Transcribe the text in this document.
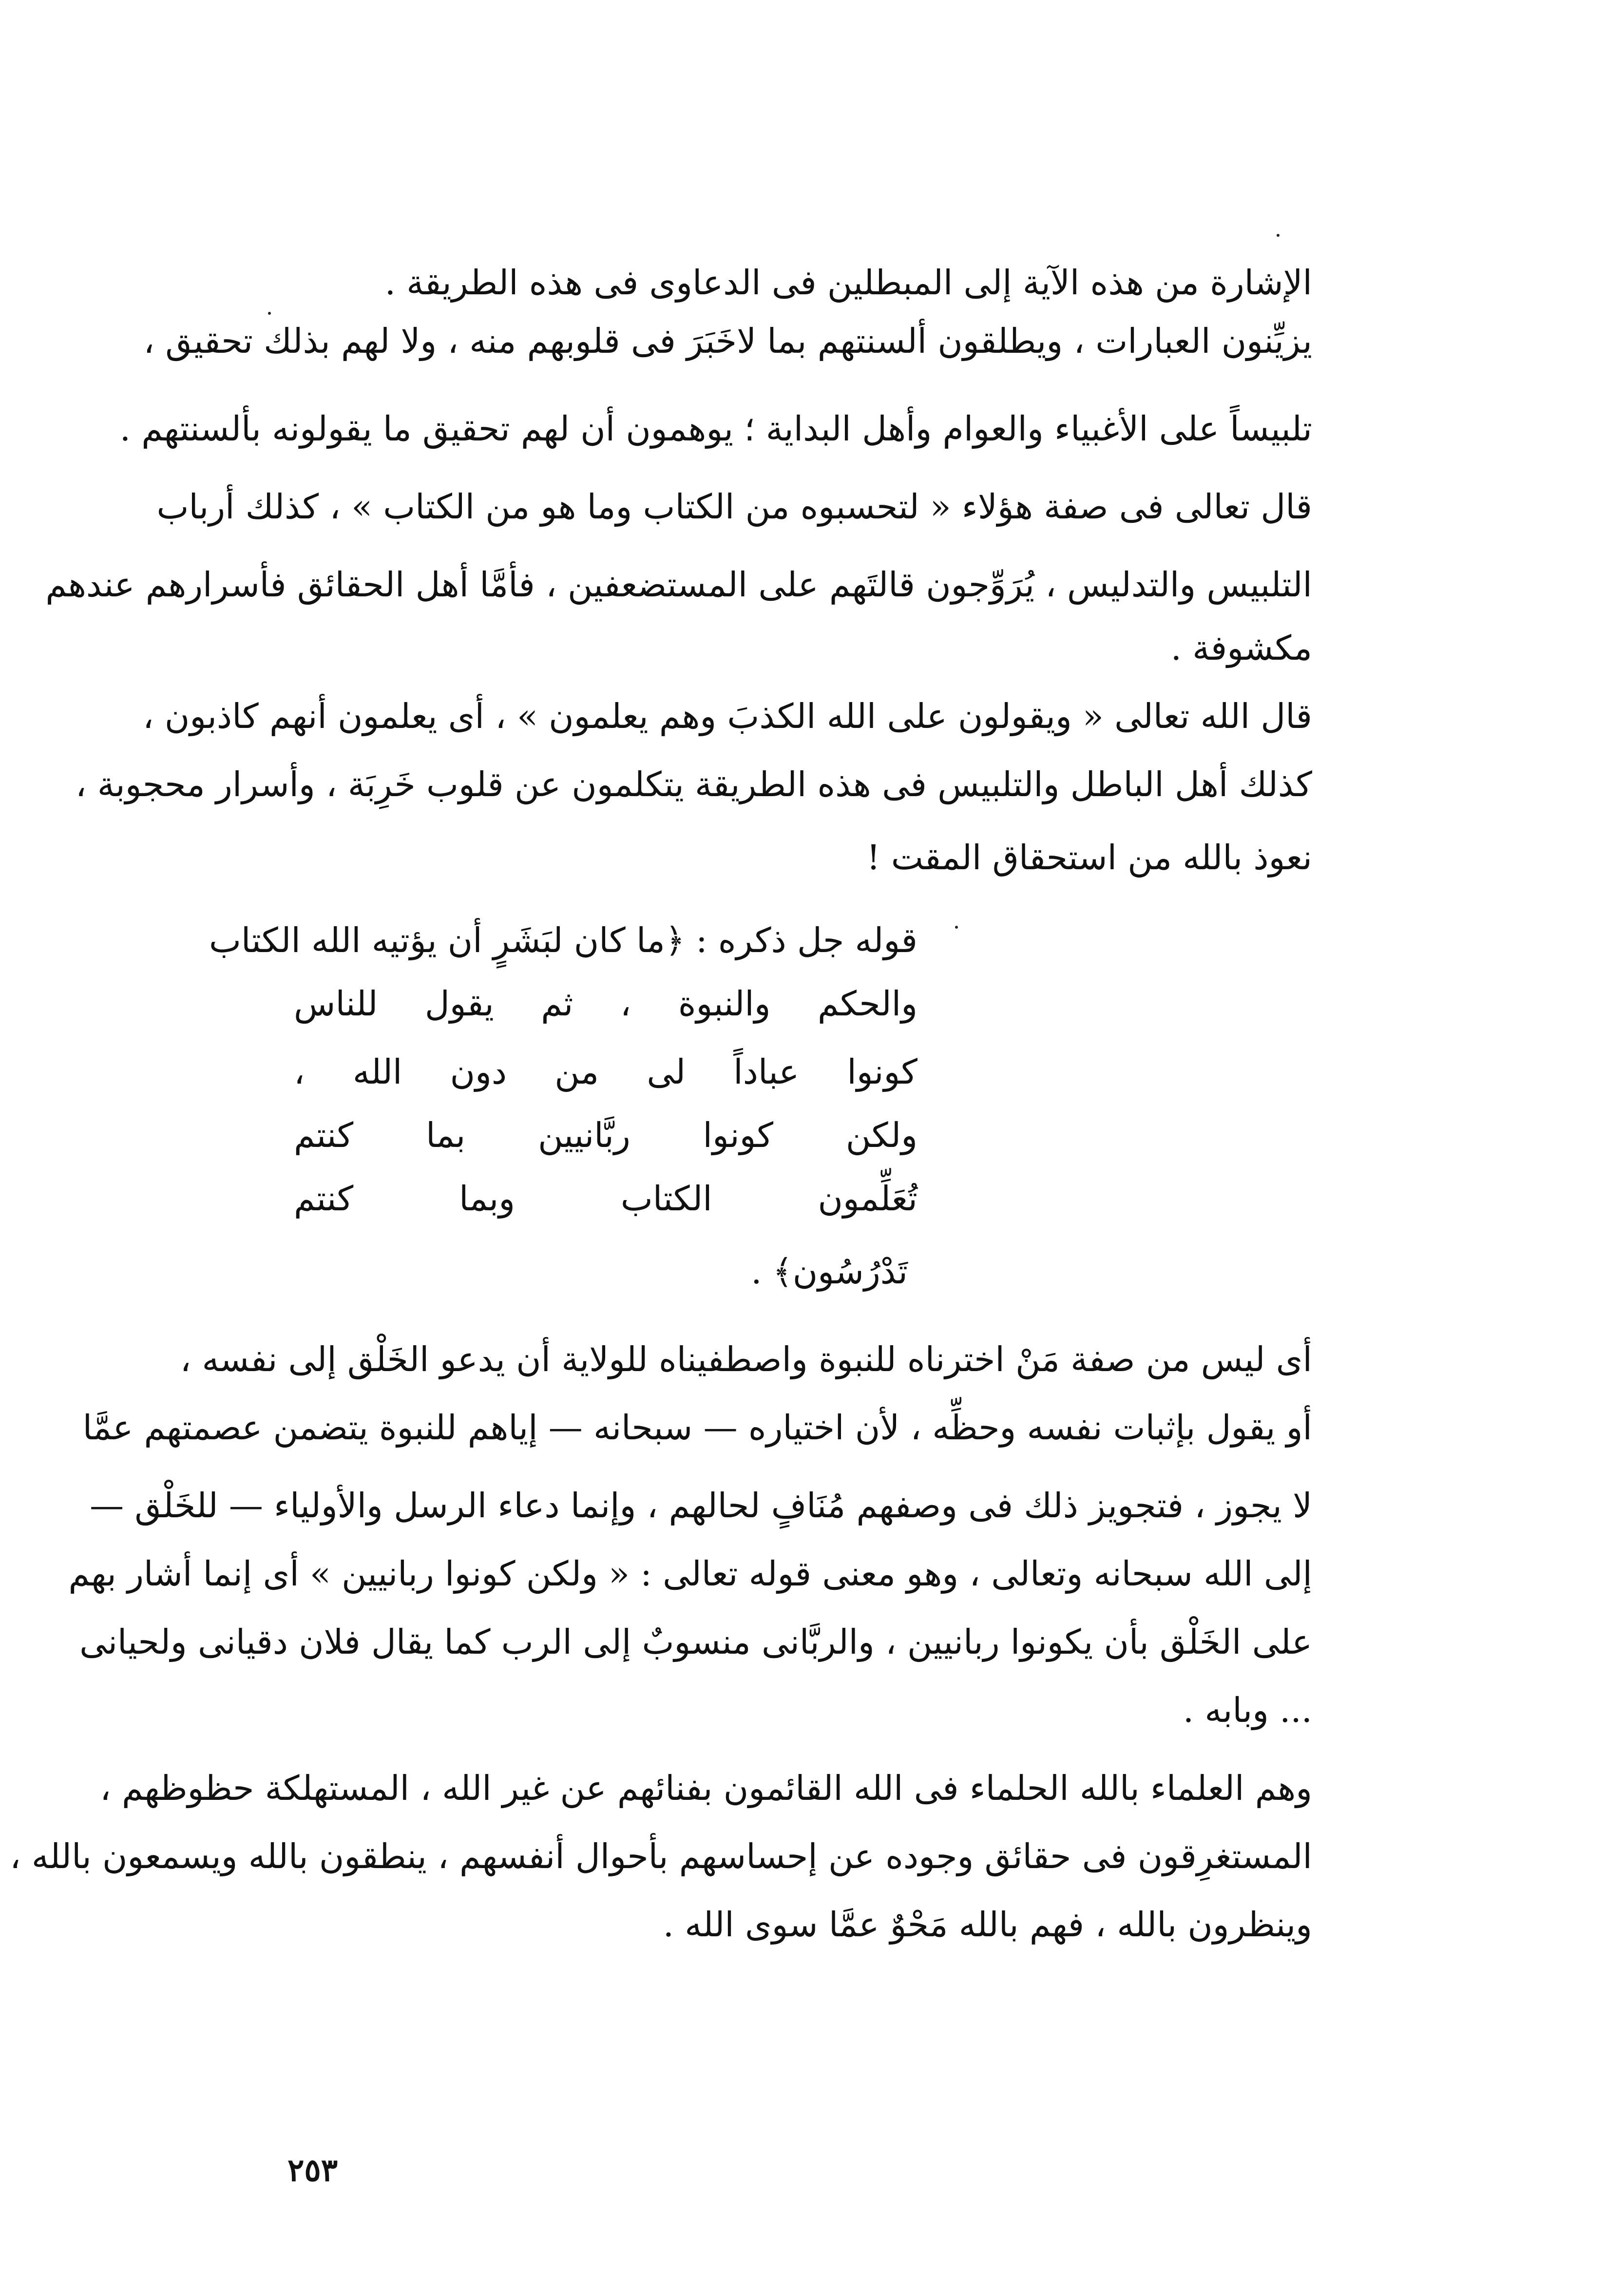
الإشارة من هذه الآية إلى المبطلين فى الدعاوى فى هذه الطريقة .
يزيِّنون العبارات ، ويطلقون ألسنتهم بما لاخَبَرَ فى قلوبهم منه ، ولا لهم بذلك تحقيق ،
تلبيساً على الأغبياء والعوام وأهل البداية ؛ يوهمون أن لهم تحقيق ما يقولونه بألسنتهم .
قال تعالى فى صفة هؤلاء « لتحسبوه من الكتاب وما هو من الكتاب » ، كذلك أرباب
التلبيس والتدليس ، يُرَوِّجون قالتَهم على المستضعفين ، فأمَّا أهل الحقائق فأسرارهم عندهم
مكشوفة .
قال الله تعالى « ويقولون على الله الكذبَ وهم يعلمون » ، أى يعلمون أنهم كاذبون ،
كذلك أهل الباطل والتلبيس فى هذه الطريقة يتكلمون عن قلوب خَرِبَة ، وأسرار محجوبة ،
نعوذ بالله من استحقاق المقت !
قوله جل ذكره : ﴿ما كان لبَشَرٍ أن يؤتيه الله الكتاب
والحكم والنبوة ، ثم يقول للناس
كونوا عباداً لى من دون الله ،
ولكن كونوا ربَّانيين بما كنتم
تُعَلِّمون الكتاب وبما كنتم
تَدْرُسُون﴾ .
أى ليس من صفة مَنْ اخترناه للنبوة واصطفيناه للولاية أن يدعو الخَلْق إلى نفسه ،
أو يقول بإثبات نفسه وحظِّه ، لأن اختياره — سبحانه — إياهم للنبوة يتضمن عصمتهم عمَّا
لا يجوز ، فتجويز ذلك فى وصفهم مُنَافٍ لحالهم ، وإنما دعاء الرسل والأولياء — للخَلْق —
إلى الله سبحانه وتعالى ، وهو معنى قوله تعالى : « ولكن كونوا ربانيين » أى إنما أشار بهم
على الخَلْق بأن يكونوا ربانيين ، والربَّانى منسوبٌ إلى الرب كما يقال فلان دقيانى ولحيانى
... وبابه .
وهم العلماء بالله الحلماء فى الله القائمون بفنائهم عن غير الله ، المستهلكة حظوظهم ،
المستغرِقون فى حقائق وجوده عن إحساسهم بأحوال أنفسهم ، ينطقون بالله ويسمعون بالله ،
وينظرون بالله ، فهم بالله مَحْوٌ عمَّا سوى الله .
٢٥٣
